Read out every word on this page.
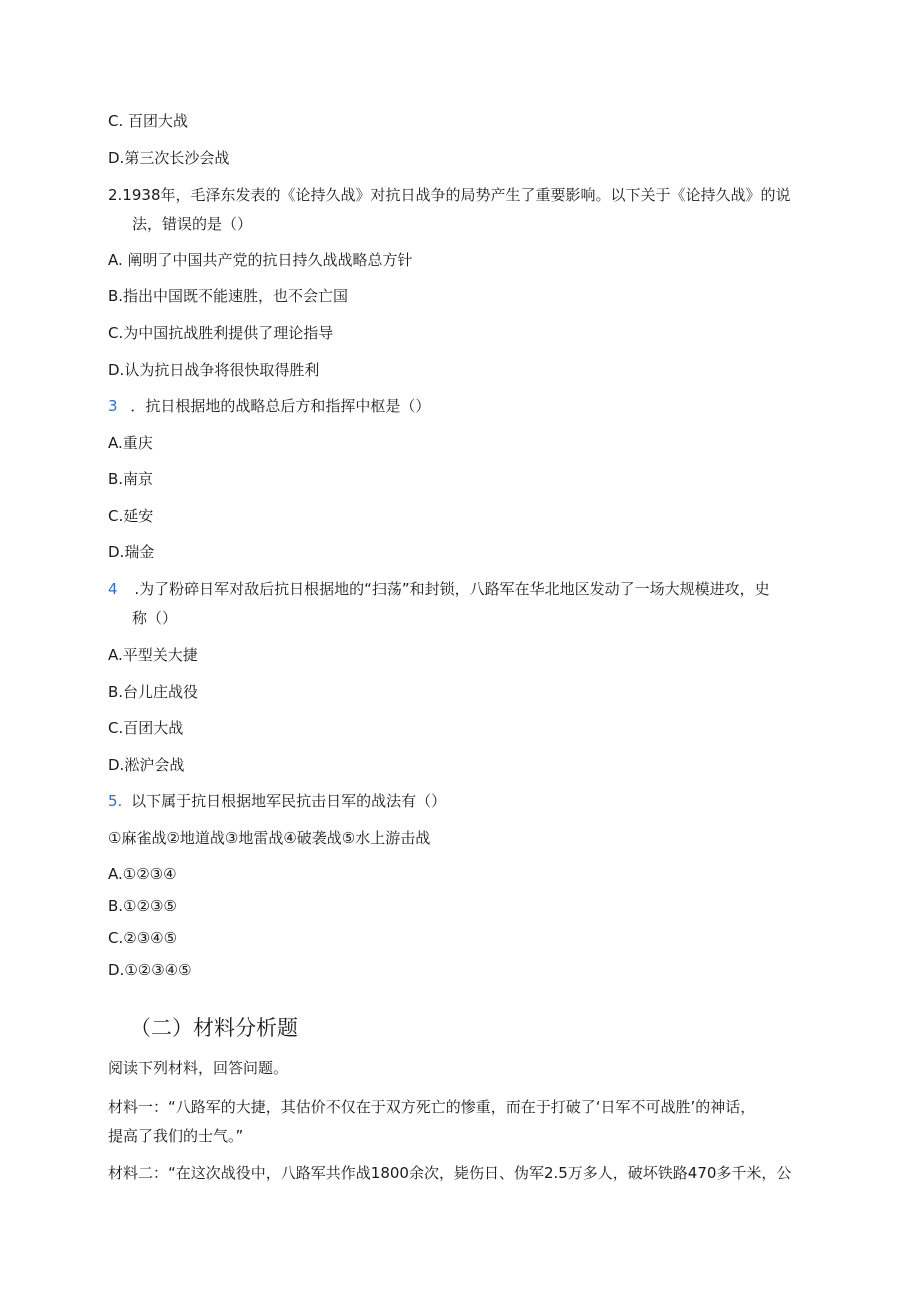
C. 百团大战
D.第三次长沙会战
2.1938年，毛泽东发表的《论持久战》对抗日战争的局势产生了重要影响。以下关于《论持久战》的说
法，错误的是（）
A. 阐明了中国共产党的抗日持久战战略总方针
B.指出中国既不能速胜，也不会亡国
C.为中国抗战胜利提供了理论指导
D.认为抗日战争将很快取得胜利
3 ．抗日根据地的战略总后方和指挥中枢是（）
A.重庆
B.南京
C.延安
D.瑞金
4 .为了粉碎日军对敌后抗日根据地的“扫荡”和封锁，八路军在华北地区发动了一场大规模进攻，史
称（）
A.平型关大捷
B.台儿庄战役
C.百团大战
D.淞沪会战
5. 以下属于抗日根据地军民抗击日军的战法有（）
①麻雀战②地道战③地雷战④破袭战⑤水上游击战
A.①②③④
B.①②③⑤
C.②③④⑤
D.①②③④⑤
（二）材料分析题
阅读下列材料，回答问题。
材料一：“八路军的大捷，其估价不仅在于双方死亡的惨重，而在于打破了‘日军不可战胜’的神话，
提高了我们的士气。”
材料二：“在这次战役中，八路军共作战1800余次，毙伤日、伪军2.5万多人，破坏铁路470多千米，公
